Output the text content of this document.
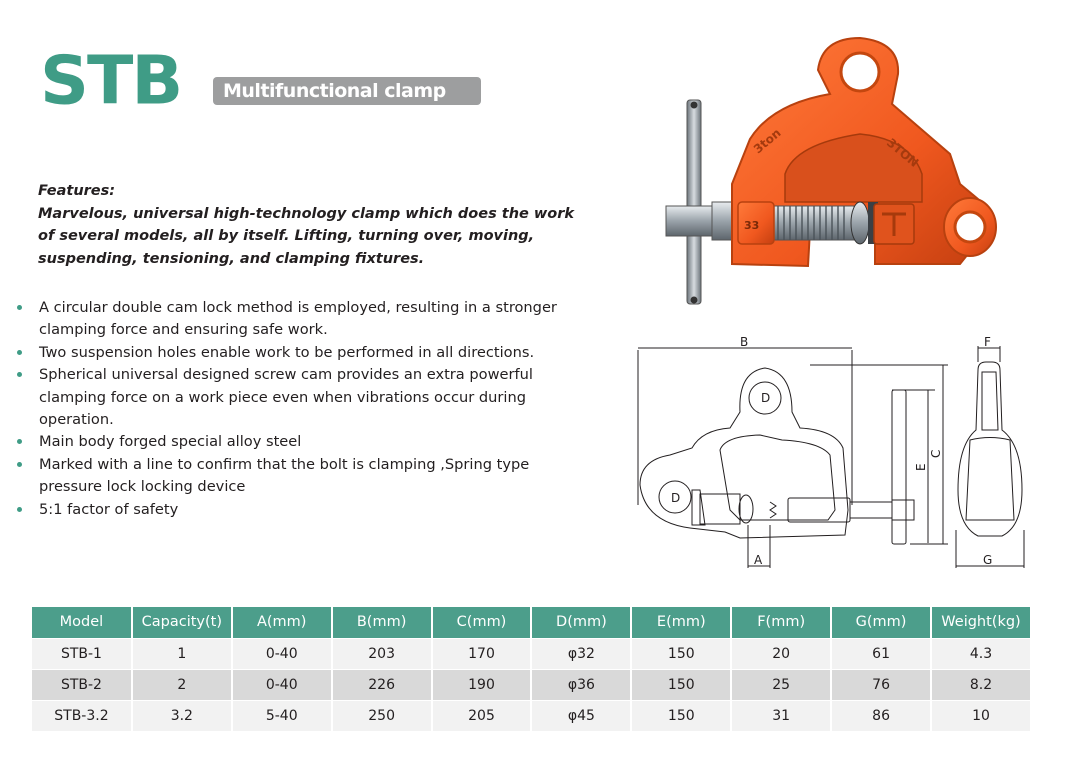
STB	Multifunctional clamp
Features:
Marvelous, universal high-technology clamp which does the work of several models, all by itself. Lifting, turning over, moving, suspending, tensioning, and clamping fixtures.
A circular double cam lock method is employed, resulting in a stronger clamping force and ensuring safe work.
Two suspension holes enable work to be performed in all directions.
Spherical universal designed screw cam provides an extra powerful clamping force on a work piece even when vibrations occur during operation.
Main body forged special alloy steel
Marked with a line to confirm that the bolt is clamping ,Spring type pressure lock locking device
5:1 factor of safety
3ton	3TON
33
B
C
E
D
D
A
F
G
Model	Capacity(t)	A(mm)	B(mm)	C(mm)	D(mm)	E(mm)	F(mm)	G(mm)	Weight(kg)
STB-1	1	0-40	203	170	φ32	150	20	61	4.3
STB-2	2	0-40	226	190	φ36	150	25	76	8.2
STB-3.2	3.2	5-40	250	205	φ45	150	31	86	10
